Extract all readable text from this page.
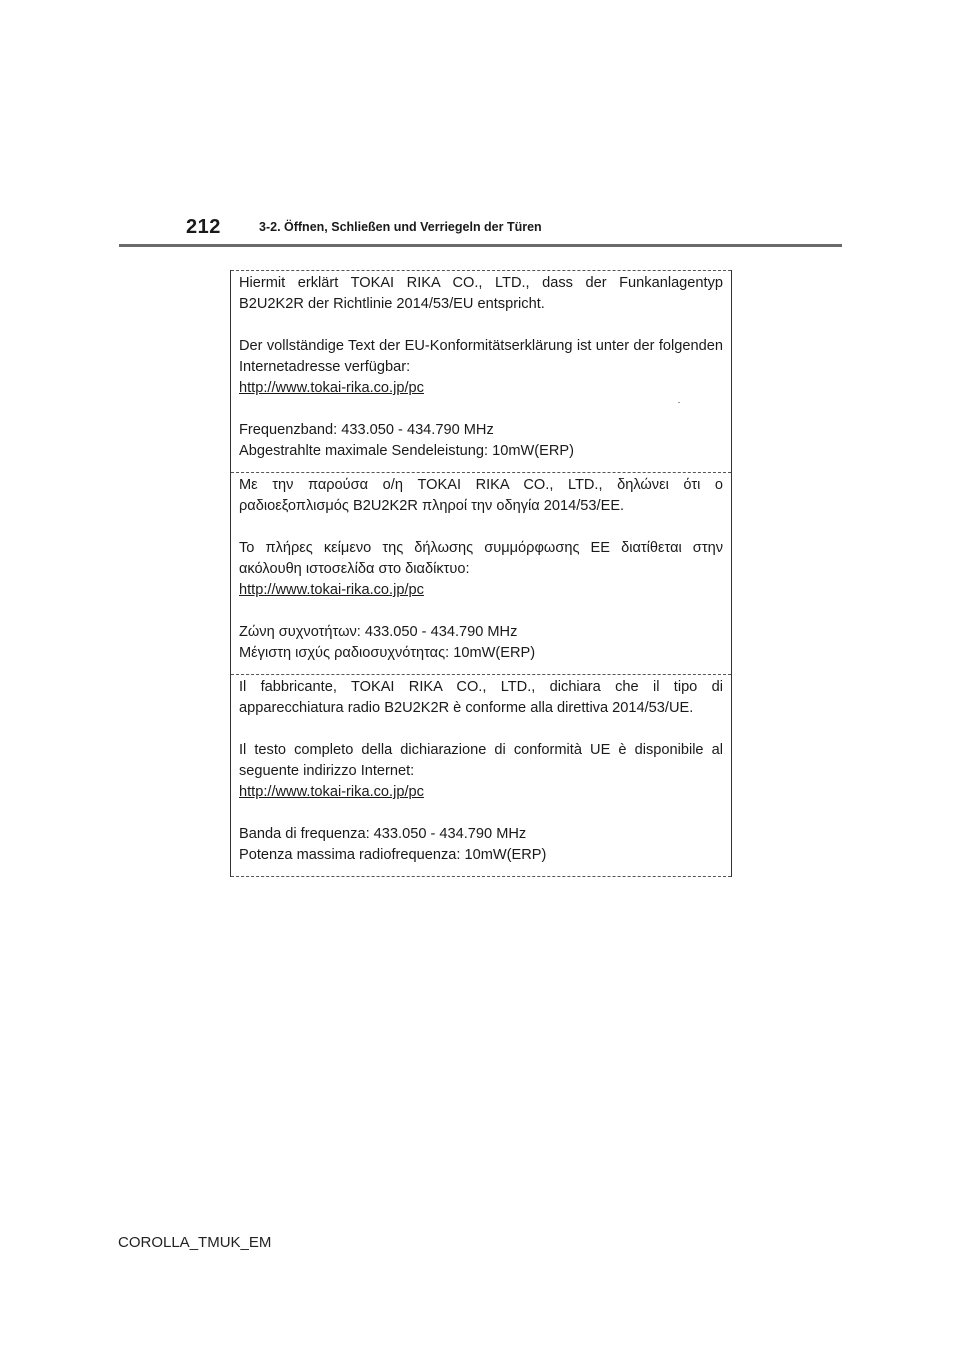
212	3-2. Öffnen, Schließen und Verriegeln der Türen

Hiermit erklärt TOKAI RIKA CO., LTD., dass der Funkanlagentyp B2U2K2R der Richtlinie 2014/53/EU entspricht.

Der vollständige Text der EU-Konformitätserklärung ist unter der folgenden Internetadresse verfügbar:
http://www.tokai-rika.co.jp/pc

Frequenzband: 433.050 - 434.790 MHz

Abgestrahlte maximale Sendeleistung: 10mW(ERP)

Με την παρούσα ο/η TOKAI RIKA CO., LTD., δηλώνει ότι ο ραδιοεξοπλισμός B2U2K2R πληροί την οδηγία 2014/53/ΕΕ.

Το πλήρες κείμενο της δήλωσης συμμόρφωσης ΕΕ διατίθεται στην ακόλουθη ιστοσελίδα στο διαδίκτυο:
http://www.tokai-rika.co.jp/pc

Ζώνη συχνοτήτων: 433.050 - 434.790 MHz

Μέγιστη ισχύς ραδιοσυχνότητας: 10mW(ERP)

Il fabbricante, TOKAI RIKA CO., LTD., dichiara che il tipo di apparecchiatura radio B2U2K2R è conforme alla direttiva 2014/53/UE.

Il testo completo della dichiarazione di conformità UE è disponibile al seguente indirizzo Internet:
http://www.tokai-rika.co.jp/pc

Banda di frequenza: 433.050 - 434.790 MHz

Potenza massima radiofrequenza: 10mW(ERP)

COROLLA_TMUK_EM
